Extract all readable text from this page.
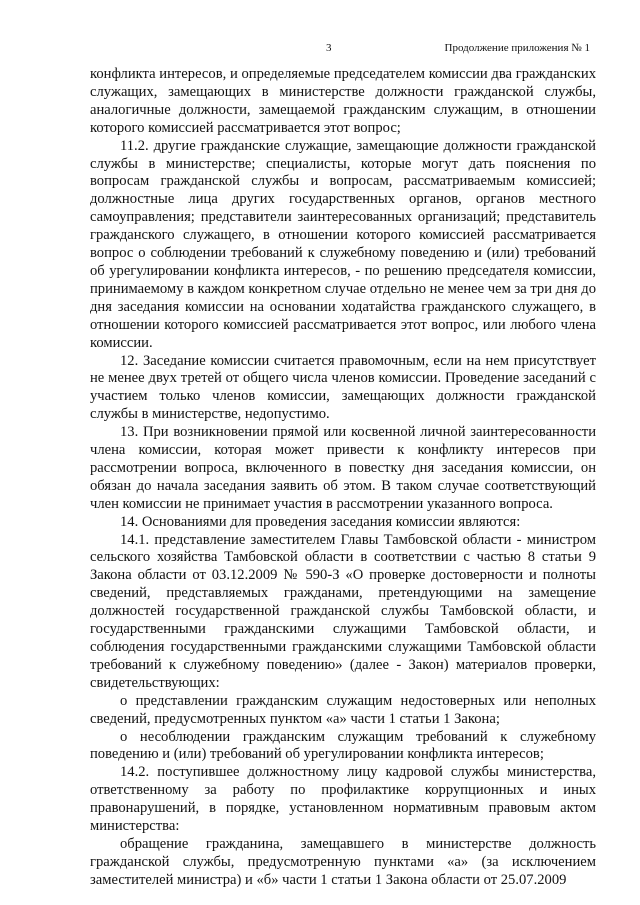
3	Продолжение приложения № 1

конфликта интересов, и определяемые председателем комиссии два гражданских служащих, замещающих в министерстве должности гражданской службы, аналогичные должности, замещаемой гражданским служащим, в отношении которого комиссией рассматривается этот вопрос;

11.2. другие гражданские служащие, замещающие должности гражданской службы в министерстве; специалисты, которые могут дать пояснения по вопросам гражданской службы и вопросам, рассматриваемым комиссией; должностные лица других государственных органов, органов местного самоуправления; представители заинтересованных организаций; представитель гражданского служащего, в отношении которого комиссией рассматривается вопрос о соблюдении требований к служебному поведению и (или) требований об урегулировании конфликта интересов, - по решению председателя комиссии, принимаемому в каждом конкретном случае отдельно не менее чем за три дня до дня заседания комиссии на основании ходатайства гражданского служащего, в отношении которого комиссией рассматривается этот вопрос, или любого члена комиссии.

12. Заседание комиссии считается правомочным, если на нем присутствует не менее двух третей от общего числа членов комиссии. Проведение заседаний с участием только членов комиссии, замещающих должности гражданской службы в министерстве, недопустимо.

13. При возникновении прямой или косвенной личной заинтересованности члена комиссии, которая может привести к конфликту интересов при рассмотрении вопроса, включенного в повестку дня заседания комиссии, он обязан до начала заседания заявить об этом. В таком случае соответствующий член комиссии не принимает участия в рассмотрении указанного вопроса.

14. Основаниями для проведения заседания комиссии являются:

14.1. представление заместителем Главы Тамбовской области - министром сельского хозяйства Тамбовской области в соответствии с частью 8 статьи 9 Закона области от 03.12.2009 № 590-З «О проверке достоверности и полноты сведений, представляемых гражданами, претендующими на замещение должностей государственной гражданской службы Тамбовской области, и государственными гражданскими служащими Тамбовской области, и соблюдения государственными гражданскими служащими Тамбовской области требований к служебному поведению» (далее - Закон) материалов проверки, свидетельствующих:

о представлении гражданским служащим недостоверных или неполных сведений, предусмотренных пунктом «а» части 1 статьи 1 Закона;

о несоблюдении гражданским служащим требований к служебному поведению и (или) требований об урегулировании конфликта интересов;

14.2. поступившее должностному лицу кадровой службы министерства, ответственному за работу по профилактике коррупционных и иных правонарушений, в порядке, установленном нормативным правовым актом министерства:

обращение гражданина, замещавшего в министерстве должность гражданской службы, предусмотренную пунктами «а» (за исключением заместителей министра) и «б» части 1 статьи 1 Закона области от 25.07.2009
